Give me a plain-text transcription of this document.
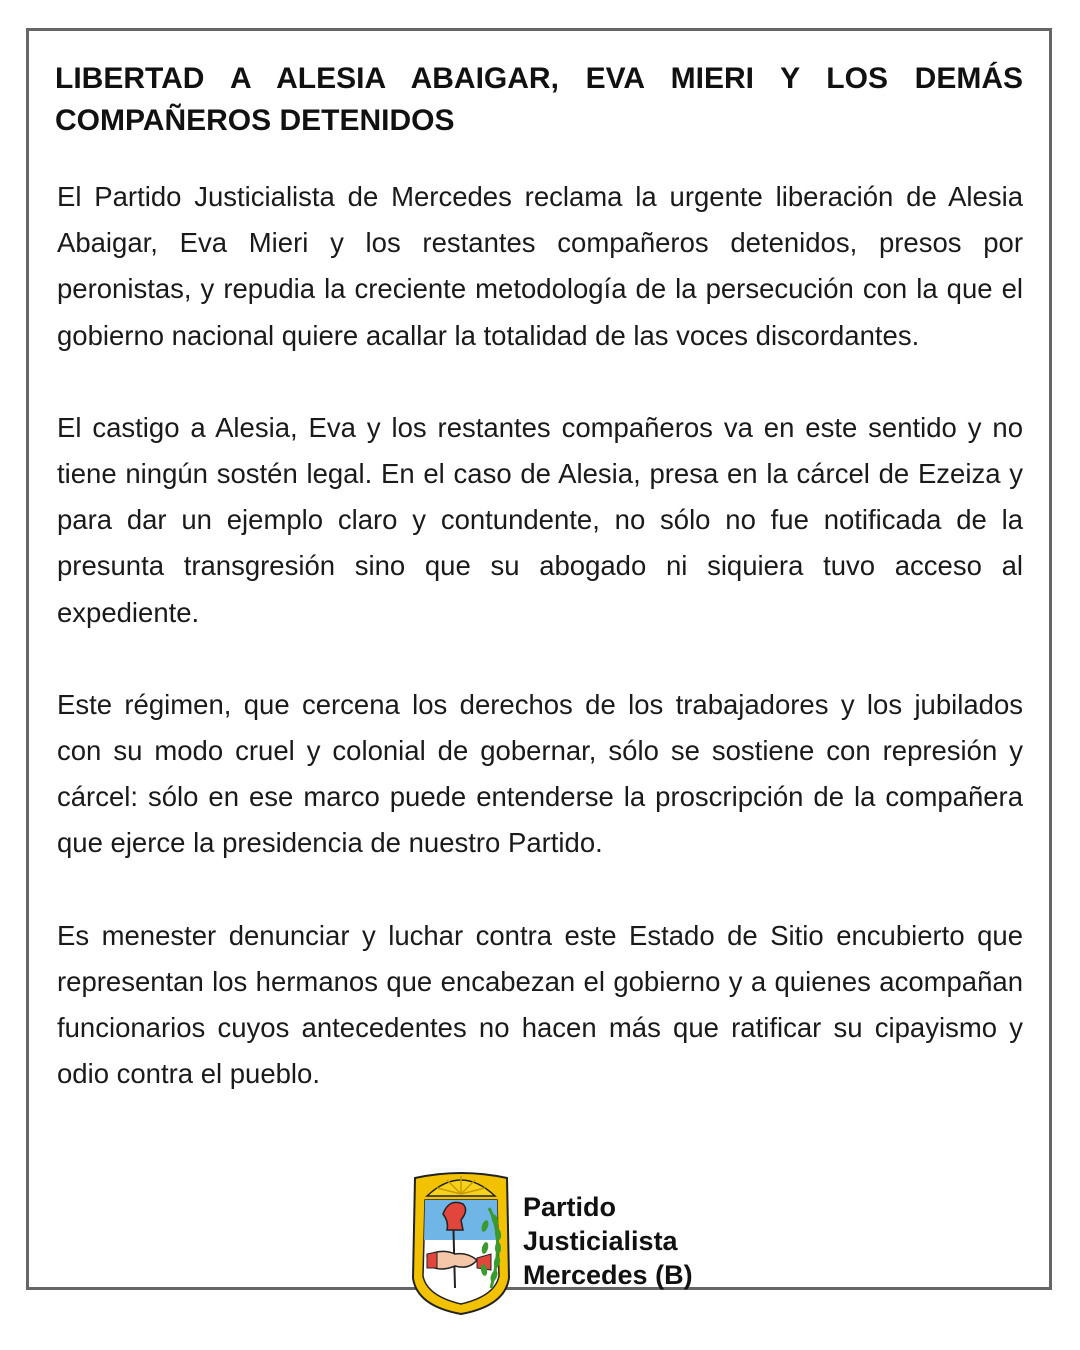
LIBERTAD A ALESIA ABAIGAR, EVA MIERI Y LOS DEMÁS COMPAÑEROS DETENIDOS

El Partido Justicialista de Mercedes reclama la urgente liberación de Alesia Abaigar, Eva Mieri y los restantes compañeros detenidos, presos por peronistas, y repudia la creciente metodología de la persecución con la que el gobierno nacional quiere acallar la totalidad de las voces discordantes.

El castigo a Alesia, Eva y los restantes compañeros va en este sentido y no tiene ningún sostén legal. En el caso de Alesia, presa en la cárcel de Ezeiza y para dar un ejemplo claro y contundente, no sólo no fue notificada de la presunta transgresión sino que su abogado ni siquiera tuvo acceso al expediente.

Este régimen, que cercena los derechos de los trabajadores y los jubilados con su modo cruel y colonial de gobernar, sólo se sostiene con represión y cárcel: sólo en ese marco puede entenderse la proscripción de la compañera que ejerce la presidencia de nuestro Partido.

Es menester denunciar y luchar contra este Estado de Sitio encubierto que representan los hermanos que encabezan el gobierno y a quienes acompañan funcionarios cuyos antecedentes no hacen más que ratificar su cipayismo y odio contra el pueblo.

Partido
Justicialista
Mercedes (B)
